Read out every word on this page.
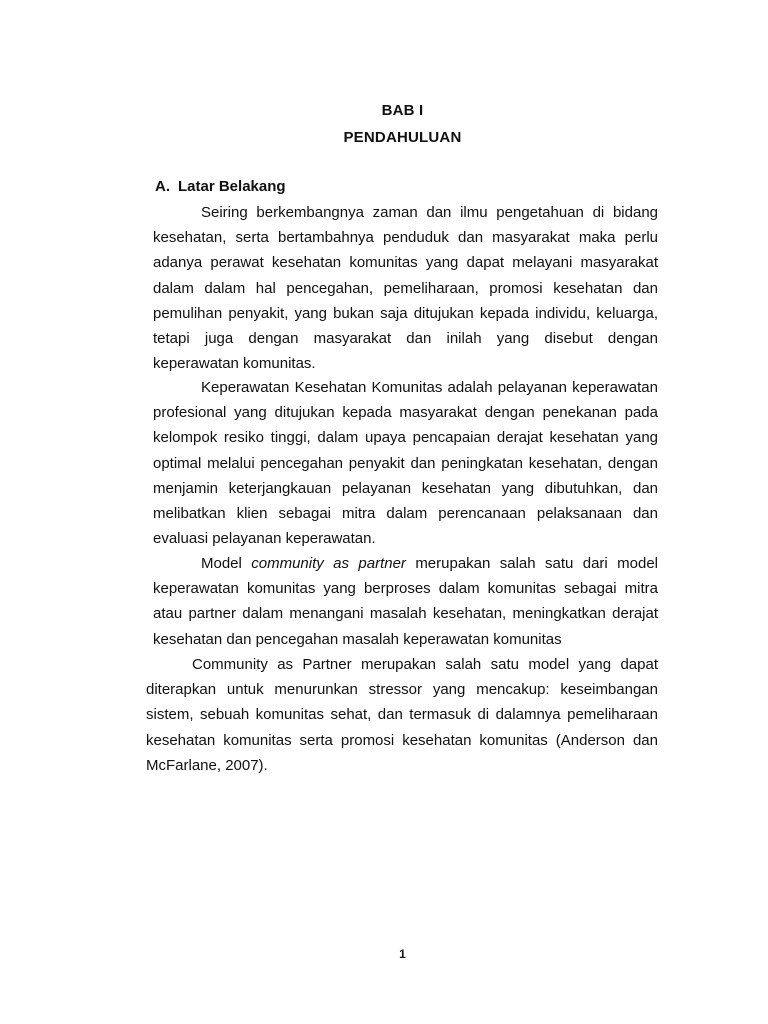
BAB I
PENDAHULUAN
A. Latar Belakang

Seiring berkembangnya zaman dan ilmu pengetahuan di bidang kesehatan, serta bertambahnya penduduk dan masyarakat maka perlu adanya perawat kesehatan komunitas yang dapat melayani masyarakat dalam dalam hal pencegahan, pemeliharaan, promosi kesehatan dan pemulihan penyakit, yang bukan saja ditujukan kepada individu, keluarga, tetapi juga dengan masyarakat dan inilah yang disebut dengan keperawatan komunitas.

Keperawatan Kesehatan Komunitas adalah pelayanan keperawatan profesional yang ditujukan kepada masyarakat dengan penekanan pada kelompok resiko tinggi, dalam upaya pencapaian derajat kesehatan yang optimal melalui pencegahan penyakit dan peningkatan kesehatan, dengan menjamin keterjangkauan pelayanan kesehatan yang dibutuhkan, dan melibatkan klien sebagai mitra dalam perencanaan pelaksanaan dan evaluasi pelayanan keperawatan.

Model community as partner merupakan salah satu dari model keperawatan komunitas yang berproses dalam komunitas sebagai mitra atau partner dalam menangani masalah kesehatan, meningkatkan derajat kesehatan dan pencegahan masalah keperawatan komunitas

Community as Partner merupakan salah satu model yang dapat diterapkan untuk menurunkan stressor yang mencakup: keseimbangan sistem, sebuah komunitas sehat, dan termasuk di dalamnya pemeliharaan kesehatan komunitas serta promosi kesehatan komunitas (Anderson dan McFarlane, 2007).

1
